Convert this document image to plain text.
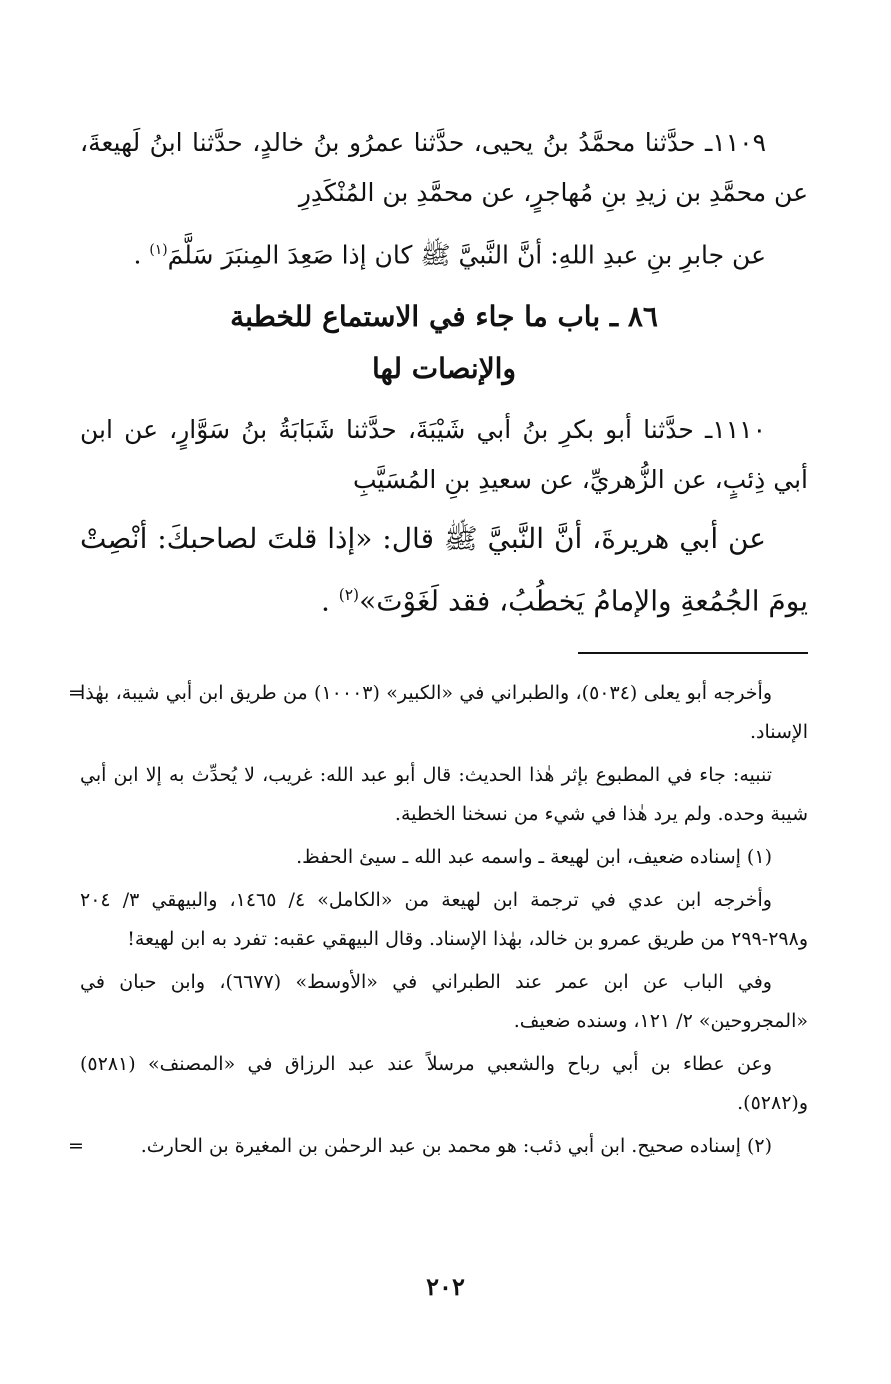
١١٠٩ـ حدَّثنا محمَّدُ بنُ يحيى، حدَّثنا عمرُو بنُ خالدٍ، حدَّثنا ابنُ لَهيعةَ، عن محمَّدِ بن زيدِ بنِ مُهاجرٍ، عن محمَّدِ بن المُنْكَدِرِ

عن جابرِ بنِ عبدِ اللهِ: أنَّ النَّبيَّ ﷺ كان إذا صَعِدَ المِنبَرَ سَلَّمَ$^{(١)}$ .

٨٦ ـ باب ما جاء في الاستماع للخطبة
والإنصات لها

١١١٠ـ حدَّثنا أبو بكرِ بنُ أبي شَيْبَةَ، حدَّثنا شَبَابَةُ بنُ سَوَّارٍ، عن ابن أبي ذِئبٍ، عن الزُّهريِّ، عن سعيدِ بنِ المُسَيَّبِ

عن أبي هريرةَ، أنَّ النَّبيَّ ﷺ قال: «إذا قلتَ لصاحبكَ: أنْصِتْ يومَ الجُمُعةِ والإمامُ يَخطُبُ، فقد لَغَوْتَ»$^{(٢)}$ .

=
وأخرجه أبو يعلى (٥٠٣٤)، والطبراني في «الكبير» (١٠٠٠٣) من طريق ابن أبي شيبة، بهٰذا الإسناد.

تنبيه: جاء في المطبوع بإثر هٰذا الحديث: قال أبو عبد الله: غريب، لا يُحدِّث به إلا ابن أبي شيبة وحده. ولم يرد هٰذا في شيء من نسخنا الخطية.

(١) إسناده ضعيف، ابن لهيعة ـ واسمه عبد الله ـ سيئ الحفظ.

وأخرجه ابن عدي في ترجمة ابن لهيعة من «الكامل» ٤/ ١٤٦٥، والبيهقي ٣/ ٢٠٤ و٢٩٨-٢٩٩ من طريق عمرو بن خالد، بهٰذا الإسناد. وقال البيهقي عقبه: تفرد به ابن لهيعة!

وفي الباب عن ابن عمر عند الطبراني في «الأوسط» (٦٦٧٧)، وابن حبان في «المجروحين» ٢/ ١٢١، وسنده ضعيف.

وعن عطاء بن أبي رباح والشعبي مرسلاً عند عبد الرزاق في «المصنف» (٥٢٨١) و(٥٢٨٢).

=	(٢) إسناده صحيح. ابن أبي ذئب: هو محمد بن عبد الرحمٰن بن المغيرة بن الحارث.

٢٠٢
